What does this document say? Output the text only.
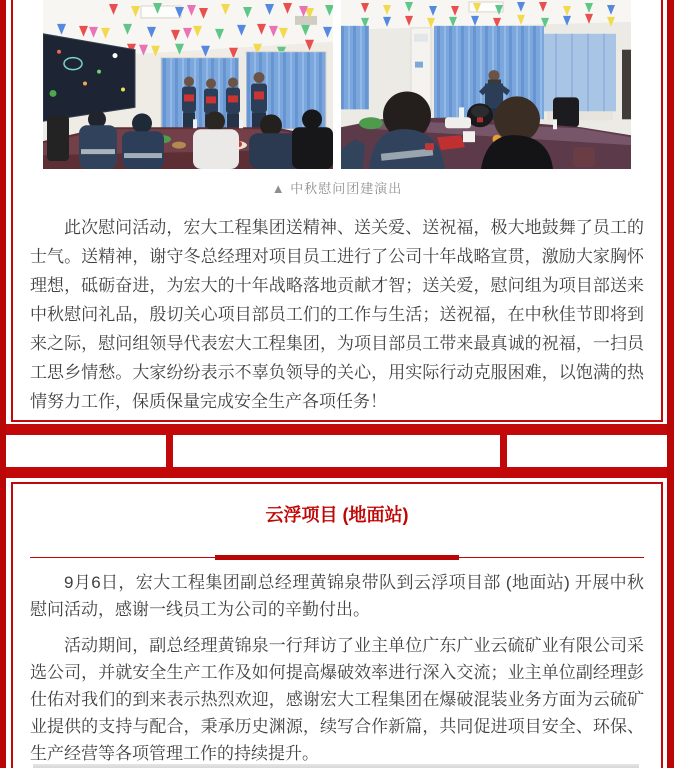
▲ 中秋慰问团建演出

此次慰问活动，宏大工程集团送精神、送关爱、送祝福，极大地鼓舞了员工的士气。送精神，谢守冬总经理对项目员工进行了公司十年战略宣贯，激励大家胸怀理想，砥砺奋进，为宏大的十年战略落地贡献才智；送关爱，慰问组为项目部送来中秋慰问礼品，殷切关心项目部员工们的工作与生活；送祝福，在中秋佳节即将到来之际，慰问组领导代表宏大工程集团，为项目部员工带来最真诚的祝福，一扫员工思乡情愁。大家纷纷表示不辜负领导的关心，用实际行动克服困难，以饱满的热情努力工作，保质保量完成安全生产各项任务！

云浮项目 (地面站)

9月6日，宏大工程集团副总经理黄锦泉带队到云浮项目部 (地面站) 开展中秋慰问活动，感谢一线员工为公司的辛勤付出。

活动期间，副总经理黄锦泉一行拜访了业主单位广东广业云硫矿业有限公司采选公司，并就安全生产工作及如何提高爆破效率进行深入交流；业主单位副经理彭仕佑对我们的到来表示热烈欢迎，感谢宏大工程集团在爆破混装业务方面为云硫矿业提供的支持与配合，秉承历史渊源，续写合作新篇，共同促进项目安全、环保、生产经营等各项管理工作的持续提升。
